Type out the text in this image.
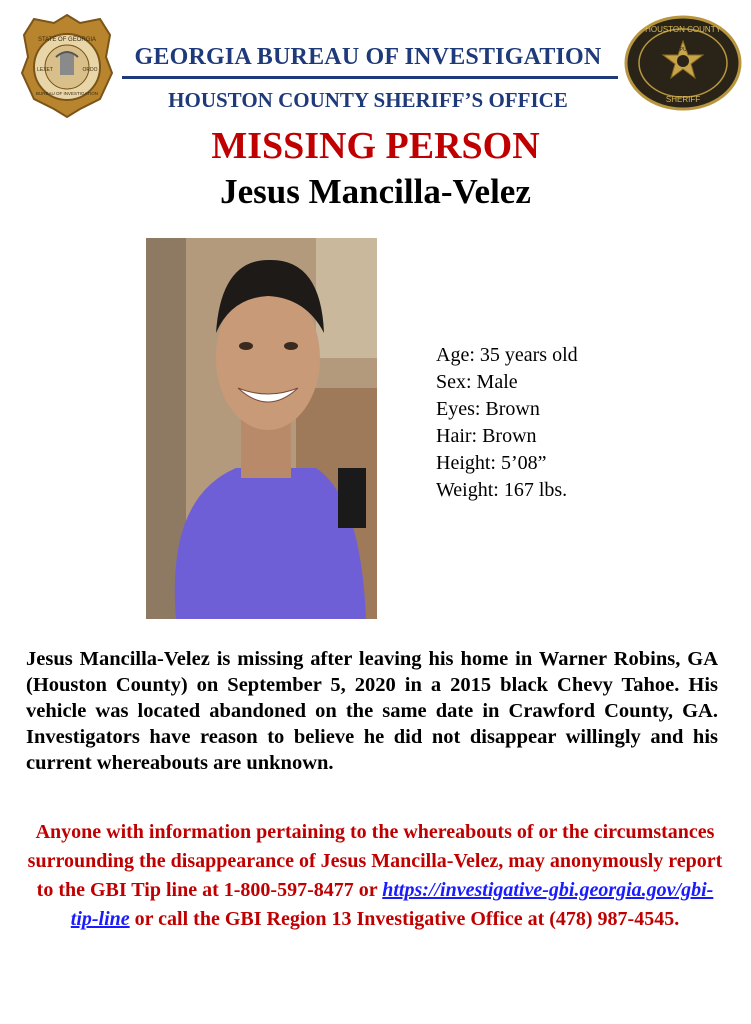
STATE OF GEORGIA
LEXET	ORDO
BUREAU OF INVESTIGATION
GEORGIA BUREAU OF INVESTIGATION
HOUSTON COUNTY SHERIFF’S OFFICE
HOUSTON COUNTY
DEPUTY
SHERIFF
MISSING PERSON
Jesus Mancilla-Velez
Age: 35 years old
Sex: Male
Eyes: Brown
Hair: Brown
Height: 5’08”
Weight: 167 lbs.
Jesus Mancilla-Velez is missing after leaving his home in Warner Robins, GA (Houston County) on September 5, 2020 in a 2015 black Chevy Tahoe. His vehicle was located abandoned on the same date in Crawford County, GA. Investigators have reason to believe he did not disappear willingly and his current whereabouts are unknown.
Anyone with information pertaining to the whereabouts of or the circumstances surrounding the disappearance of Jesus Mancilla-Velez, may anonymously report to the GBI Tip line at 1-800-597-8477 or https://investigative-gbi.georgia.gov/gbi-tip-line or call the GBI Region 13 Investigative Office at (478) 987-4545.
